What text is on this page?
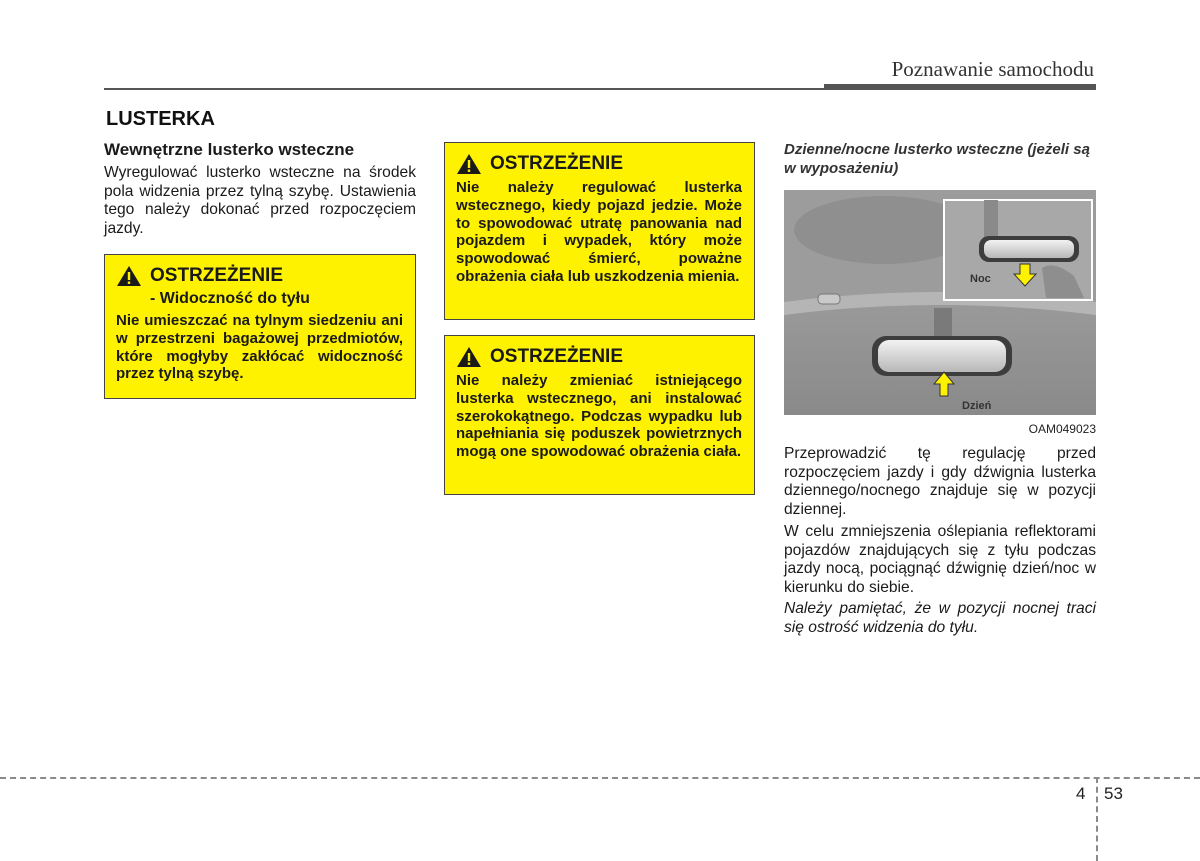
Poznawanie samochodu
LUSTERKA
Wewnętrzne lusterko wsteczne

Wyregulować lusterko wsteczne na środek pola widzenia przez tylną szybę. Ustawienia tego należy dokonać przed rozpoczęciem jazdy.

OSTRZEŻENIE
- Widoczność do tyłu

Nie umieszczać na tylnym siedzeniu ani w przestrzeni bagażowej przedmiotów, które mogłyby zakłócać widoczność przez tylną szybę.

OSTRZEŻENIE

Nie należy regulować lusterka wstecznego, kiedy pojazd jedzie. Może to spowodować utratę panowania nad pojazdem i wypadek, który może spowodować śmierć, poważne obrażenia ciała lub uszkodzenia mienia.

OSTRZEŻENIE

Nie należy zmieniać istniejącego lusterka wstecznego, ani instalować szerokokątnego. Podczas wypadku lub napełniania się poduszek powietrznych mogą one spowodować obrażenia ciała.

Dzienne/nocne lusterko wsteczne (jeżeli są w wyposażeniu)

Dzień
Noc
OAM049023

Przeprowadzić tę regulację przed rozpoczęciem jazdy i gdy dźwignia lusterka dziennego/nocnego znajduje się w pozycji dziennej.

W celu zmniejszenia oślepiania reflektorami pojazdów znajdujących się z tyłu podczas jazdy nocą, pociągnąć dźwignię dzień/noc w kierunku do siebie.

Należy pamiętać, że w pozycji nocnej traci się ostrość widzenia do tyłu.

4 53
